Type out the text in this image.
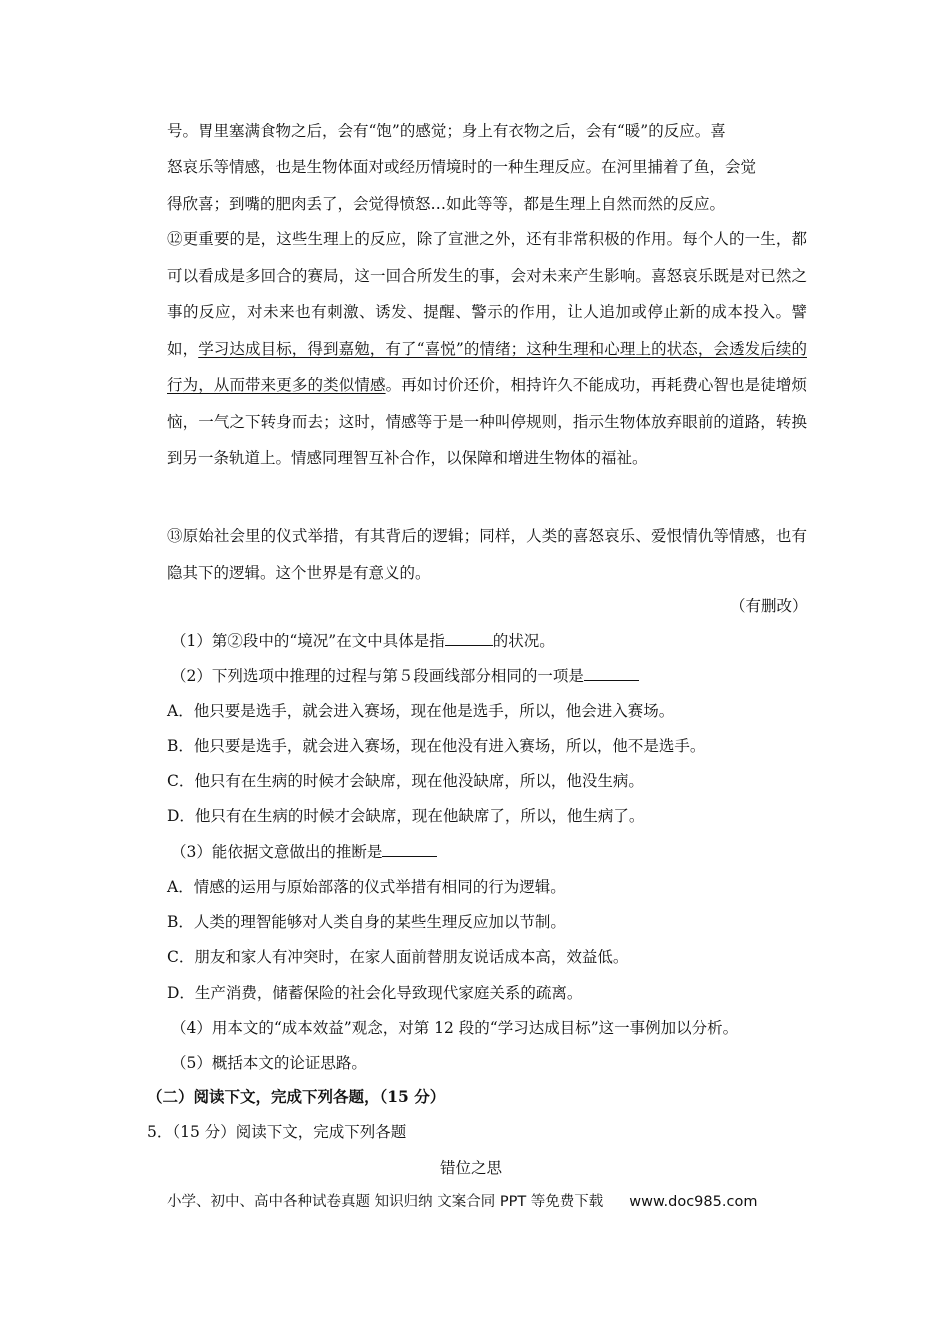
号。胃里塞满食物之后，会有“饱”的感觉；身上有衣物之后，会有“暖”的反应。喜
怒哀乐等情感，也是生物体面对或经历情境时的一种生理反应。在河里捕着了鱼，会觉
得欣喜；到嘴的肥肉丢了，会觉得愤怒…如此等等，都是生理上自然而然的反应。
⑫更重要的是，这些生理上的反应，除了宣泄之外，还有非常积极的作用。每个人的一生，都可以看成是多回合的赛局，这一回合所发生的事，会对未来产生影响。喜怒哀乐既是对已然之事的反应，对未来也有刺激、诱发、提醒、警示的作用，让人追加或停止新的成本投入。譬如，学习达成目标，得到嘉勉，有了“喜悦”的情绪；这种生理和心理上的状态，会透发后续的行为，从而带来更多的类似情感。再如讨价还价，相持许久不能成功，再耗费心智也是徒增烦恼，一气之下转身而去；这时，情感等于是一种叫停规则，指示生物体放弃眼前的道路，转换到另一条轨道上。情感同理智互补合作，以保障和增进生物体的福祉。
⑬原始社会里的仪式举措，有其背后的逻辑；同样，人类的喜怒哀乐、爱恨情仇等情感，也有隐其下的逻辑。这个世界是有意义的。
（有删改）
（1）第②段中的“境况”在文中具体是指	的状况。
（2）下列选项中推理的过程与第５段画线部分相同的一项是
A．他只要是选手，就会进入赛场，现在他是选手，所以，他会进入赛场。
B．他只要是选手，就会进入赛场，现在他没有进入赛场，所以，他不是选手。
C．他只有在生病的时候才会缺席，现在他没缺席，所以，他没生病。
D．他只有在生病的时候才会缺席，现在他缺席了，所以，他生病了。
（3）能依据文意做出的推断是
A．情感的运用与原始部落的仪式举措有相同的行为逻辑。
B．人类的理智能够对人类自身的某些生理反应加以节制。
C．朋友和家人有冲突时，在家人面前替朋友说话成本高，效益低。
D．生产消费，储蓄保险的社会化导致现代家庭关系的疏离。
（4）用本文的“成本效益”观念，对第 12 段的“学习达成目标”这一事例加以分析。
（5）概括本文的论证思路。
（二）阅读下文，完成下列各题，（15 分）
5．（15 分）阅读下文，完成下列各题
错位之思
小学、初中、高中各种试卷真题 知识归纳 文案合同 PPT 等免费下载 www.doc985.com
